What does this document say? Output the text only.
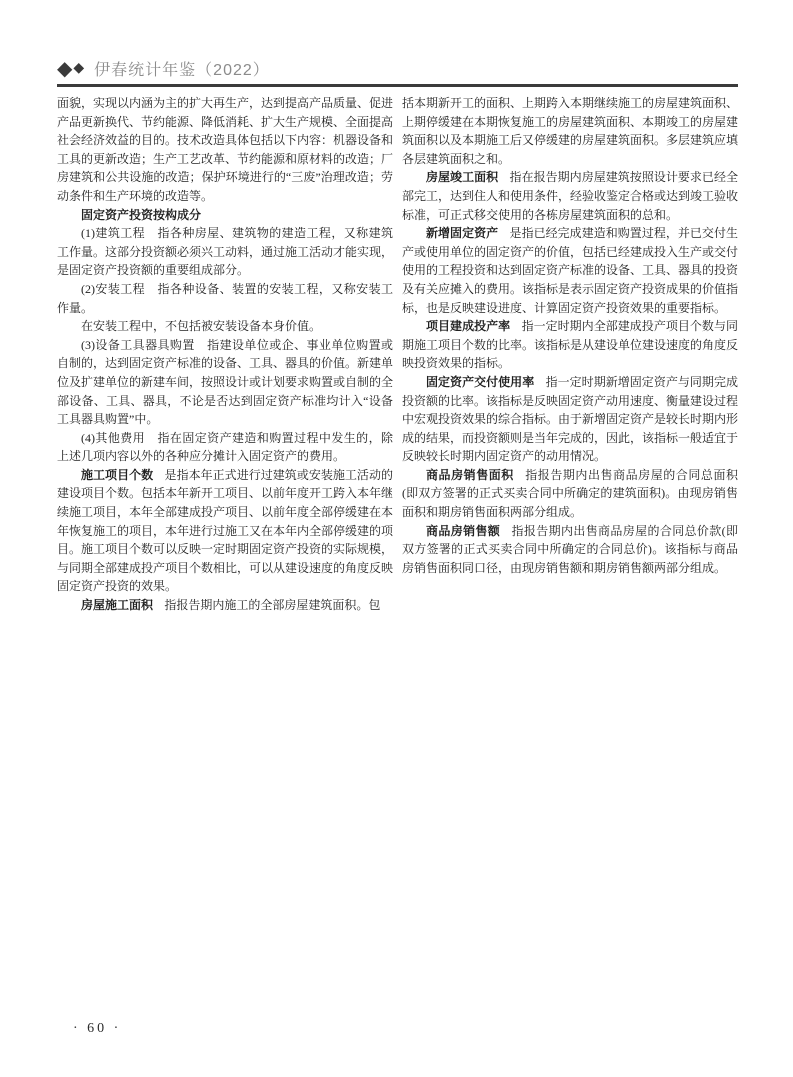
◆ ◆ 伊春统计年鉴（2022）

面貌，实现以内涵为主的扩大再生产，达到提高产品质量、促进产品更新换代、节约能源、降低消耗、扩大生产规模、全面提高社会经济效益的目的。技术改造具体包括以下内容：机器设备和工具的更新改造；生产工艺改革、节约能源和原材料的改造；厂房建筑和公共设施的改造；保护环境进行的“三废”治理改造；劳动条件和生产环境的改造等。

固定资产投资按构成分

(1)建筑工程　指各种房屋、建筑物的建造工程，又称建筑工作量。这部分投资额必须兴工动料，通过施工活动才能实现，是固定资产投资额的重要组成部分。

(2)安装工程　指各种设备、装置的安装工程，又称安装工作量。

在安装工程中，不包括被安装设备本身价值。

(3)设备工具器具购置　指建设单位或企、事业单位购置或自制的，达到固定资产标准的设备、工具、器具的价值。新建单位及扩建单位的新建车间，按照设计或计划要求购置或自制的全部设备、工具、器具，不论是否达到固定资产标准均计入“设备工具器具购置”中。

(4)其他费用　指在固定资产建造和购置过程中发生的，除上述几项内容以外的各种应分摊计入固定资产的费用。

施工项目个数 是指本年正式进行过建筑或安装施工活动的建设项目个数。包括本年新开工项目、以前年度开工跨入本年继续施工项目，本年全部建成投产项目、以前年度全部停缓建在本年恢复施工的项目，本年进行过施工又在本年内全部停缓建的项目。施工项目个数可以反映一定时期固定资产投资的实际规模，与同期全部建成投产项目个数相比，可以从建设速度的角度反映固定资产投资的效果。

房屋施工面积 指报告期内施工的全部房屋建筑面积。包

括本期新开工的面积、上期跨入本期继续施工的房屋建筑面积、上期停缓建在本期恢复施工的房屋建筑面积、本期竣工的房屋建筑面积以及本期施工后又停缓建的房屋建筑面积。多层建筑应填各层建筑面积之和。

房屋竣工面积 指在报告期内房屋建筑按照设计要求已经全部完工，达到住人和使用条件，经验收鉴定合格或达到竣工验收标准，可正式移交使用的各栋房屋建筑面积的总和。

新增固定资产 是指已经完成建造和购置过程，并已交付生产或使用单位的固定资产的价值，包括已经建成投入生产或交付使用的工程投资和达到固定资产标准的设备、工具、器具的投资及有关应摊入的费用。该指标是表示固定资产投资成果的价值指标，也是反映建设进度、计算固定资产投资效果的重要指标。

项目建成投产率 指一定时期内全部建成投产项目个数与同期施工项目个数的比率。该指标是从建设单位建设速度的角度反映投资效果的指标。

固定资产交付使用率 指一定时期新增固定资产与同期完成投资额的比率。该指标是反映固定资产动用速度、衡量建设过程中宏观投资效果的综合指标。由于新增固定资产是较长时期内形成的结果，而投资额则是当年完成的，因此，该指标一般适宜于反映较长时期内固定资产的动用情况。

商品房销售面积 指报告期内出售商品房屋的合同总面积(即双方签署的正式买卖合同中所确定的建筑面积)。由现房销售面积和期房销售面积两部分组成。

商品房销售额 指报告期内出售商品房屋的合同总价款(即双方签署的正式买卖合同中所确定的合同总价)。该指标与商品房销售面积同口径，由现房销售额和期房销售额两部分组成。

· 60 ·
